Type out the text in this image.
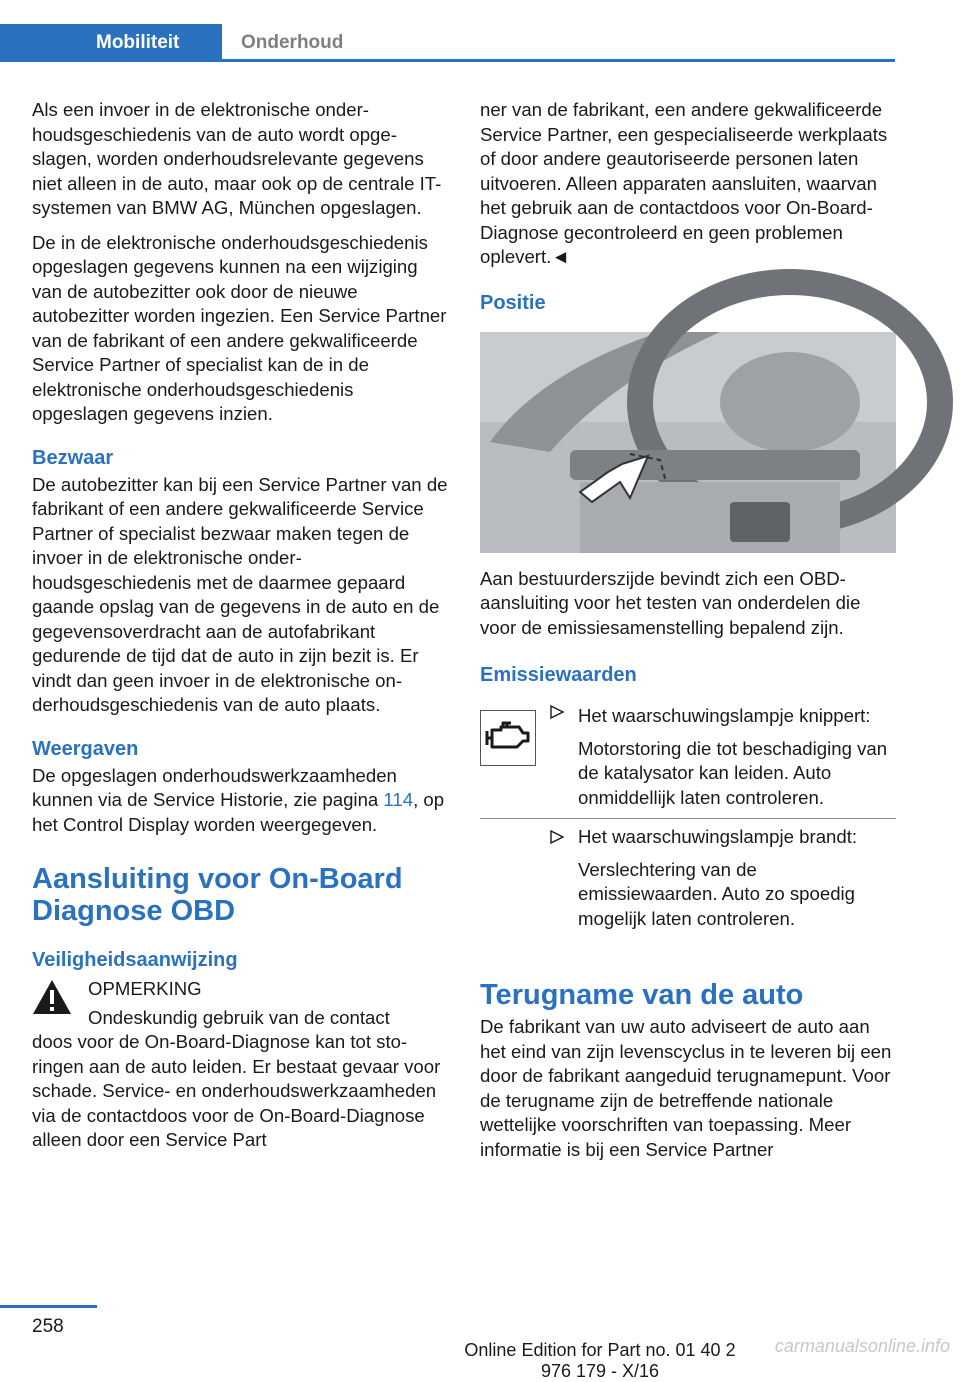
Mobiliteit	Onderhoud

Als een invoer in de elektronische onderhoudsgeschiedenis van de auto wordt opgeslagen, worden onderhoudsrelevante gegevens niet alleen in de auto, maar ook op de centrale IT-systemen van BMW AG, München opgeslagen.

De in de elektronische onderhoudsgeschiedenis opgeslagen gegevens kunnen na een wijziging van de autobezitter ook door de nieuwe autobezitter worden ingezien. Een Service Partner van de fabrikant of een andere gekwalificeerde Service Partner of specialist kan de in de elektronische onderhoudsgeschiedenis opgeslagen gegevens inzien.

Bezwaar

De autobezitter kan bij een Service Partner van de fabrikant of een andere gekwalificeerde Service Partner of specialist bezwaar maken tegen de invoer in de elektronische onderhoudsgeschiedenis met de daarmee gepaard gaande opslag van de gegevens in de auto en de gegevensoverdracht aan de autofabrikant gedurende de tijd dat de auto in zijn bezit is. Er vindt dan geen invoer in de elektronische onderhoudsgeschiedenis van de auto plaats.

Weergaven

De opgeslagen onderhoudswerkzaamheden kunnen via de Service Historie, zie pagina 114, op het Control Display worden weergegeven.

Aansluiting voor On-Board Diagnose OBD
Veiligheidsaanwijzing
OPMERKING
Ondeskundig gebruik van de contact

doos voor de On-Board-Diagnose kan tot storingen aan de auto leiden. Er bestaat gevaar voor schade. Service- en onderhoudswerkzaamheden via de contactdoos voor de On-Board-Diagnose alleen door een Service Part

ner van de fabrikant, een andere gekwalificeerde Service Partner, een gespecialiseerde werkplaats of door andere geautoriseerde personen laten uitvoeren. Alleen apparaten aansluiten, waarvan het gebruik aan de contactdoos voor On-Board-Diagnose gecontroleerd en geen problemen oplevert.◄

Positie

Aan bestuurderszijde bevindt zich een OBD-aansluiting voor het testen van onderdelen die voor de emissiesamenstelling bepalend zijn.

Emissiewaarden
Het waarschuwingslampje knippert:
Motorstoring die tot beschadiging van de katalysator kan leiden. Auto onmiddellijk laten controleren.
Het waarschuwingslampje brandt:
Verslechtering van de emissiewaarden. Auto zo spoedig mogelijk laten controleren.
Terugname van de auto

De fabrikant van uw auto adviseert de auto aan het eind van zijn levenscyclus in te leveren bij een door de fabrikant aangeduid terugnamepunt. Voor de terugname zijn de betreffende nationale wettelijke voorschriften van toepassing. Meer informatie is bij een Service Partner

258
Online Edition for Part no. 01 40 2 976 179 - X/16
carmanualsonline.info
